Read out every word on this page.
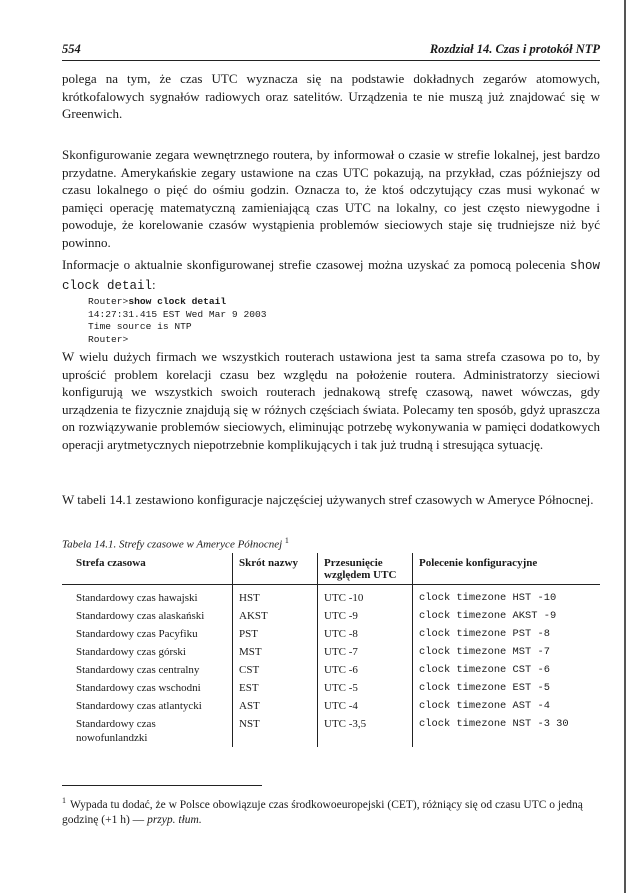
554	Rozdział 14. Czas i protokół NTP

polega na tym, że czas UTC wyznacza się na podstawie dokładnych zegarów atomowych, krótkofalowych sygnałów radiowych oraz satelitów. Urządzenia te nie muszą już znajdować się w Greenwich.

Skonfigurowanie zegara wewnętrznego routera, by informował o czasie w strefie lokalnej, jest bardzo przydatne. Amerykańskie zegary ustawione na czas UTC pokazują, na przykład, czas późniejszy od czasu lokalnego o pięć do ośmiu godzin. Oznacza to, że ktoś odczytujący czas musi wykonać w pamięci operację matematyczną zamieniającą czas UTC na lokalny, co jest często niewygodne i powoduje, że korelowanie czasów wystąpienia problemów sieciowych staje się trudniejsze niż być powinno.

Informacje o aktualnie skonfigurowanej strefie czasowej można uzyskać za pomocą polecenia show clock detail:

Router>show clock detail
14:27:31.415 EST Wed Mar 9 2003
Time source is NTP
Router>

W wielu dużych firmach we wszystkich routerach ustawiona jest ta sama strefa czasowa po to, by uprościć problem korelacji czasu bez względu na położenie routera. Administratorzy sieciowi konfigurują we wszystkich swoich routerach jednakową strefę czasową, nawet wówczas, gdy urządzenia te fizycznie znajdują się w różnych częściach świata. Polecamy ten sposób, gdyż upraszcza on rozwiązywanie problemów sieciowych, eliminując potrzebę wykonywania w pamięci dodatkowych operacji arytmetycznych niepotrzebnie komplikujących i tak już trudną i stresująca sytuację.

W tabeli 14.1 zestawiono konfiguracje najczęściej używanych stref czasowych w Ameryce Północnej.

Tabela 14.1. Strefy czasowe w Ameryce Północnej $^1$
Strefa czasowa	Skrót nazwy	Przesunięcie względem UTC	Polecenie konfiguracyjne
Standardowy czas hawajski	HST	UTC -10	clock timezone HST -10
Standardowy czas alaskański	AKST	UTC -9	clock timezone AKST -9
Standardowy czas Pacyfiku	PST	UTC -8	clock timezone PST -8
Standardowy czas górski	MST	UTC -7	clock timezone MST -7
Standardowy czas centralny	CST	UTC -6	clock timezone CST -6
Standardowy czas wschodni	EST	UTC -5	clock timezone EST -5
Standardowy czas atlantycki	AST	UTC -4	clock timezone AST -4
Standardowy czas nowofunlandzki	NST	UTC -3,5	clock timezone NST -3 30

$^1$ Wypada tu dodać, że w Polsce obowiązuje czas środkowoeuropejski (CET), różniący się od czasu UTC o jedną godzinę (+1 h) — przyp. tłum.
